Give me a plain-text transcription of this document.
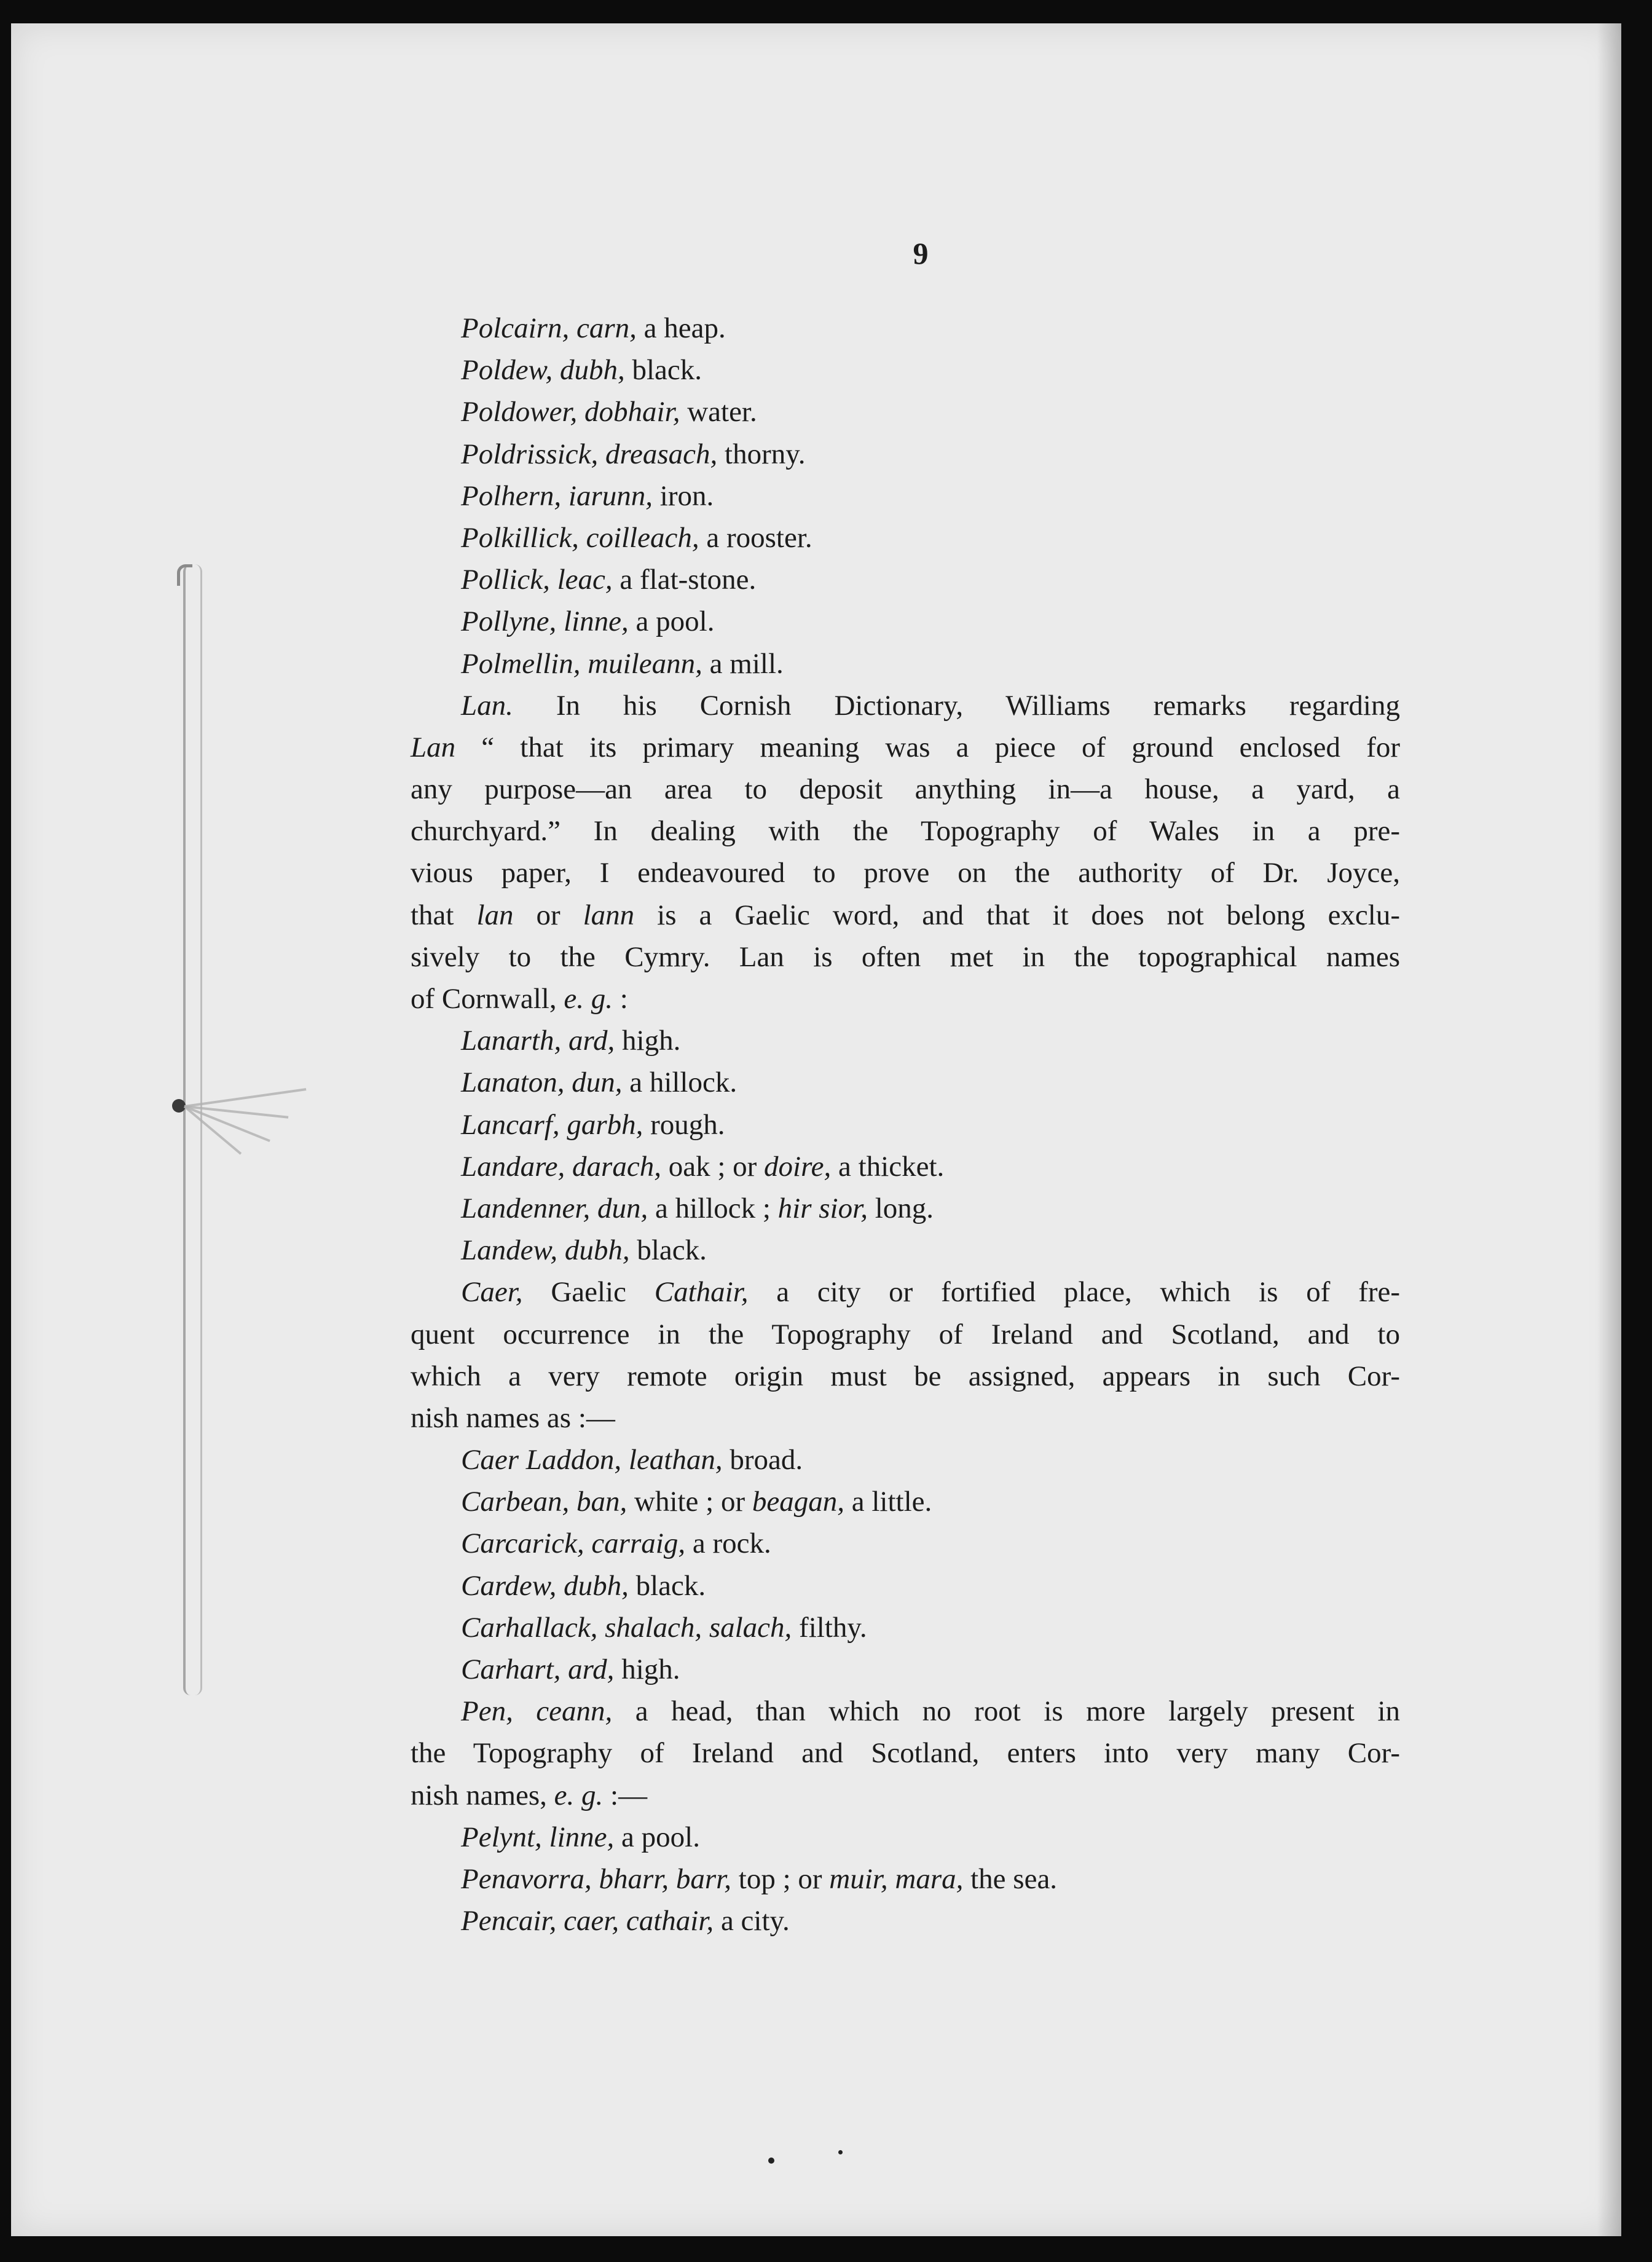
9
Polcairn, carn, a heap.
Poldew, dubh, black.
Poldower, dobhair, water.
Poldrissick, dreasach, thorny.
Polhern, iarunn, iron.
Polkillick, coilleach, a rooster.
Pollick, leac, a flat-stone.
Pollyne, linne, a pool.
Polmellin, muileann, a mill.
Lan. In his Cornish Dictionary, Williams remarks regarding
Lan “ that its primary meaning was a piece of ground enclosed for
any purpose—an area to deposit anything in—a house, a yard, a
churchyard.” In dealing with the Topography of Wales in a pre-
vious paper, I endeavoured to prove on the authority of Dr. Joyce,
that lan or lann is a Gaelic word, and that it does not belong exclu-
sively to the Cymry. Lan is often met in the topographical names
of Cornwall, e. g. :
Lanarth, ard, high.
Lanaton, dun, a hillock.
Lancarf, garbh, rough.
Landare, darach, oak ; or doire, a thicket.
Landenner, dun, a hillock ; hir sior, long.
Landew, dubh, black.
Caer, Gaelic Cathair, a city or fortified place, which is of fre-
quent occurrence in the Topography of Ireland and Scotland, and to
which a very remote origin must be assigned, appears in such Cor-
nish names as :—
Caer Laddon, leathan, broad.
Carbean, ban, white ; or beagan, a little.
Carcarick, carraig, a rock.
Cardew, dubh, black.
Carhallack, shalach, salach, filthy.
Carhart, ard, high.
Pen, ceann, a head, than which no root is more largely present in
the Topography of Ireland and Scotland, enters into very many Cor-
nish names, e. g. :—
Pelynt, linne, a pool.
Penavorra, bharr, barr, top ; or muir, mara, the sea.
Pencair, caer, cathair, a city.
